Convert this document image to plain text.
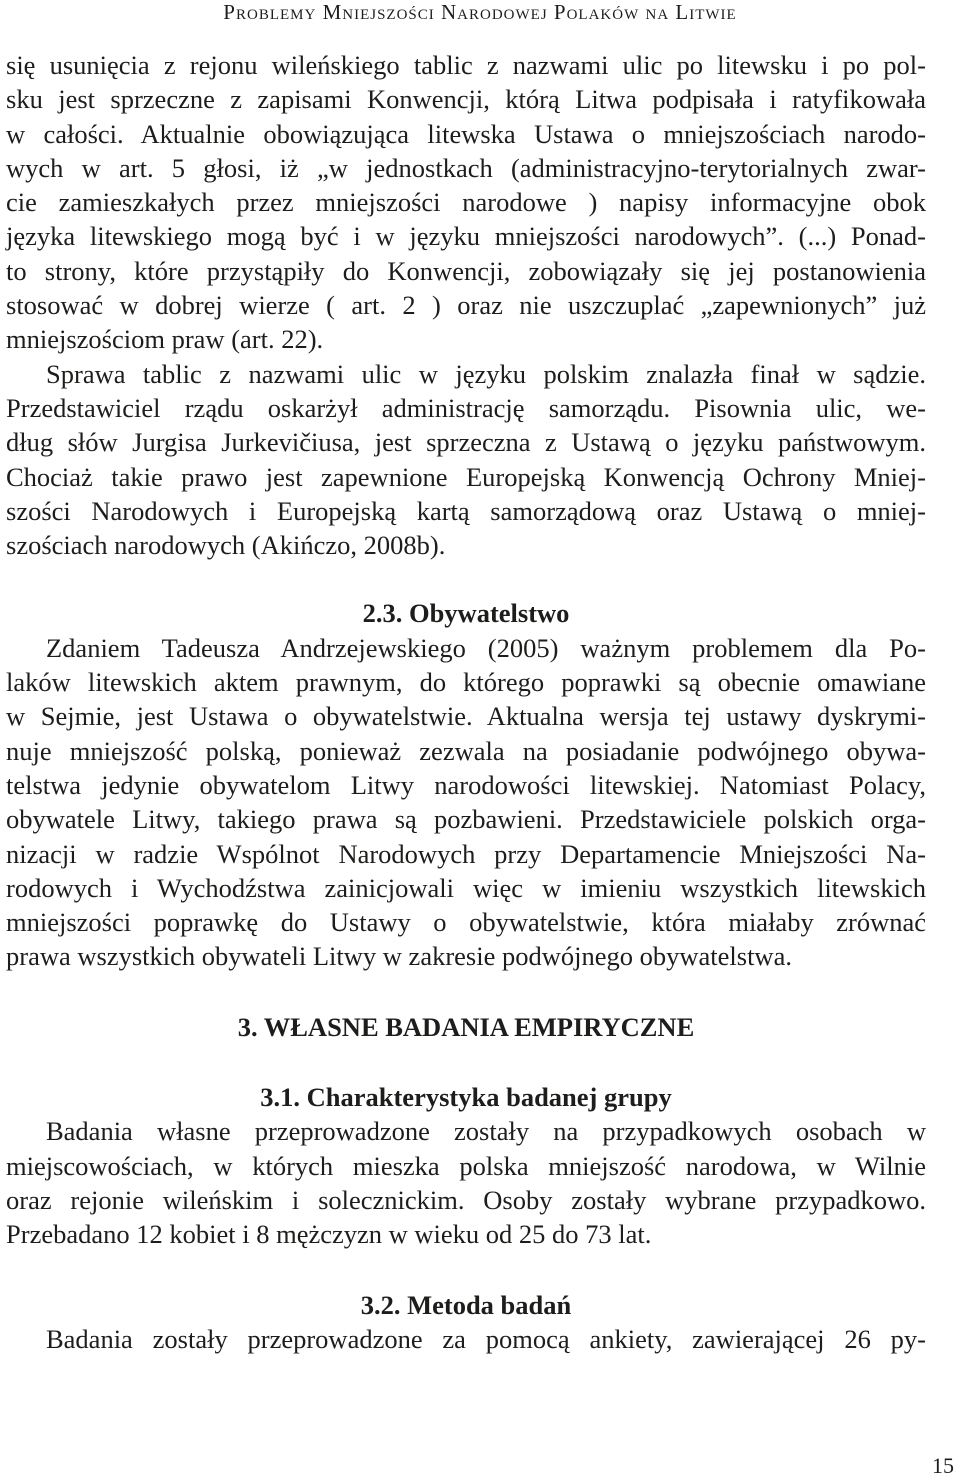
Problemy Mniejszości Narodowej Polaków na Litwie
się usunięcia z rejonu wileńskiego tablic z nazwami ulic po litewsku i po pol-
sku jest sprzeczne z zapisami Konwencji, którą Litwa podpisała i ratyfikowała
w całości. Aktualnie obowiązująca litewska Ustawa o mniejszościach narodo-
wych w art. 5 głosi, iż „w jednostkach (administracyjno-terytorialnych zwar-
cie zamieszkałych przez mniejszości narodowe ) napisy informacyjne obok
języka litewskiego mogą być i w języku mniejszości narodowych”. (...) Ponad-
to strony, które przystąpiły do Konwencji, zobowiązały się jej postanowienia
stosować w dobrej wierze ( art. 2 ) oraz nie uszczuplać „zapewnionych” już
mniejszościom praw (art. 22).
Sprawa tablic z nazwami ulic w języku polskim znalazła finał w sądzie.
Przedstawiciel rządu oskarżył administrację samorządu. Pisownia ulic, we-
dług słów Jurgisa Jurkevičiusa, jest sprzeczna z Ustawą o języku państwowym.
Chociaż takie prawo jest zapewnione Europejską Konwencją Ochrony Mniej-
szości Narodowych i Europejską kartą samorządową oraz Ustawą o mniej-
szościach narodowych (Akińczo, 2008b).
2.3. Obywatelstwo
Zdaniem Tadeusza Andrzejewskiego (2005) ważnym problemem dla Po-
laków litewskich aktem prawnym, do którego poprawki są obecnie omawiane
w Sejmie, jest Ustawa o obywatelstwie. Aktualna wersja tej ustawy dyskrymi-
nuje mniejszość polską, ponieważ zezwala na posiadanie podwójnego obywa-
telstwa jedynie obywatelom Litwy narodowości litewskiej. Natomiast Polacy,
obywatele Litwy, takiego prawa są pozbawieni. Przedstawiciele polskich orga-
nizacji w radzie Wspólnot Narodowych przy Departamencie Mniejszości Na-
rodowych i Wychodźstwa zainicjowali więc w imieniu wszystkich litewskich
mniejszości poprawkę do Ustawy o obywatelstwie, która miałaby zrównać
prawa wszystkich obywateli Litwy w zakresie podwójnego obywatelstwa.
3. WŁASNE BADANIA EMPIRYCZNE
3.1. Charakterystyka badanej grupy
Badania własne przeprowadzone zostały na przypadkowych osobach w
miejscowościach, w których mieszka polska mniejszość narodowa, w Wilnie
oraz rejonie wileńskim i solecznickim. Osoby zostały wybrane przypadkowo.
Przebadano 12 kobiet i 8 mężczyzn w wieku od 25 do 73 lat.
3.2. Metoda badań
Badania zostały przeprowadzone za pomocą ankiety, zawierającej 26 py-
15
